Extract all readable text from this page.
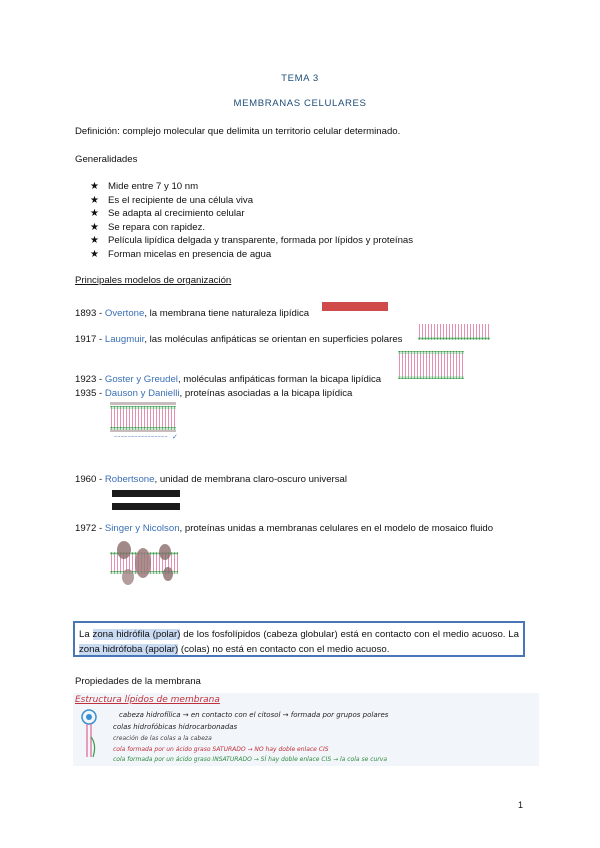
TEMA 3
MEMBRANAS CELULARES
Definición: complejo molecular que delimita un territorio celular determinado.
Generalidades
★ Mide entre 7 y 10 nm
★ Es el recipiente de una célula viva
★ Se adapta al crecimiento celular
★ Se repara con rapidez.
★ Película lipídica delgada y transparente, formada por lípidos y proteínas
★ Forman micelas en presencia de agua
Principales modelos de organización
1893 - Overtone, la membrana tiene naturaleza lipídica
1917 - Laugmuir, las moléculas anfipáticas se orientan en superficies polares
1923 - Goster y Greudel, moléculas anfipáticas forman la bicapa lipídica
1935 - Dauson y Danielli, proteínas asociadas a la bicapa lipídica
~~~~~~~~~~~~~~~~ ✓
1960 - Robertsone, unidad de membrana claro-oscuro universal
1972 - Singer y Nicolson, proteínas unidas a membranas celulares en el modelo de mosaico fluido
La zona hidrófila (polar) de los fosfolípidos (cabeza globular) está en contacto con el medio acuoso. La zona hidrófoba (apolar) (colas) no está en contacto con el medio acuoso.
Propiedades de la membrana
Estructura lípidos de membrana
cabeza hidrofílica → en contacto con el citosol → formada por grupos polares
colas hidrofóbicas hidrocarbonadas
creación de las colas a la cabeza
cola formada por un ácido graso SATURADO → NO hay doble enlace CIS
cola formada por un ácido graso INSATURADO → SÍ hay doble enlace CIS → la cola se curva
1
